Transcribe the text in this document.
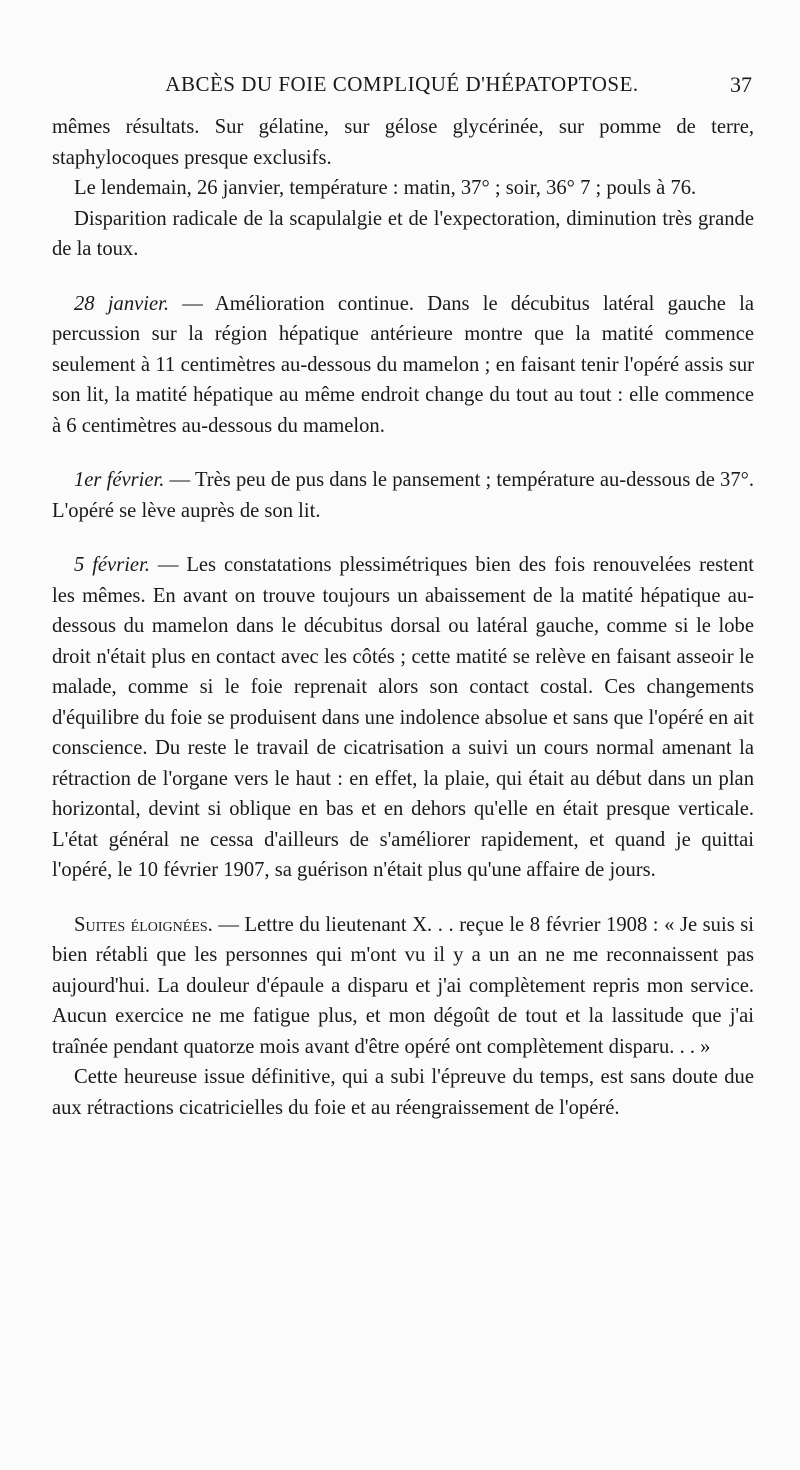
ABCÈS DU FOIE COMPLIQUÉ D'HÉPATOPTOSE.	37

mêmes résultats. Sur gélatine, sur gélose glycérinée, sur pomme de terre, staphylocoques presque exclusifs.

Le lendemain, 26 janvier, température : matin, 37° ; soir, 36° 7 ; pouls à 76.

Disparition radicale de la scapulalgie et de l'expectoration, diminution très grande de la toux.

28 janvier. — Amélioration continue. Dans le décubitus latéral gauche la percussion sur la région hépatique antérieure montre que la matité commence seulement à 11 centimètres au-dessous du mamelon ; en faisant tenir l'opéré assis sur son lit, la matité hépatique au même endroit change du tout au tout : elle commence à 6 centimètres au-dessous du mamelon.

1er février. — Très peu de pus dans le pansement ; température au-dessous de 37°. L'opéré se lève auprès de son lit.

5 février. — Les constatations plessimétriques bien des fois renouvelées restent les mêmes. En avant on trouve toujours un abaissement de la matité hépatique au-dessous du mamelon dans le décubitus dorsal ou latéral gauche, comme si le lobe droit n'était plus en contact avec les côtés ; cette matité se relève en faisant asseoir le malade, comme si le foie reprenait alors son contact costal. Ces changements d'équilibre du foie se produisent dans une indolence absolue et sans que l'opéré en ait conscience. Du reste le travail de cicatrisation a suivi un cours normal amenant la rétraction de l'organe vers le haut : en effet, la plaie, qui était au début dans un plan horizontal, devint si oblique en bas et en dehors qu'elle en était presque verticale. L'état général ne cessa d'ailleurs de s'améliorer rapidement, et quand je quittai l'opéré, le 10 février 1907, sa guérison n'était plus qu'une affaire de jours.

Suites éloignées. — Lettre du lieutenant X. . . reçue le 8 février 1908 : « Je suis si bien rétabli que les personnes qui m'ont vu il y a un an ne me reconnaissent pas aujourd'hui. La douleur d'épaule a disparu et j'ai complètement repris mon service. Aucun exercice ne me fatigue plus, et mon dégoût de tout et la lassitude que j'ai traînée pendant quatorze mois avant d'être opéré ont complètement disparu. . . »

Cette heureuse issue définitive, qui a subi l'épreuve du temps, est sans doute due aux rétractions cicatricielles du foie et au réengraissement de l'opéré.
